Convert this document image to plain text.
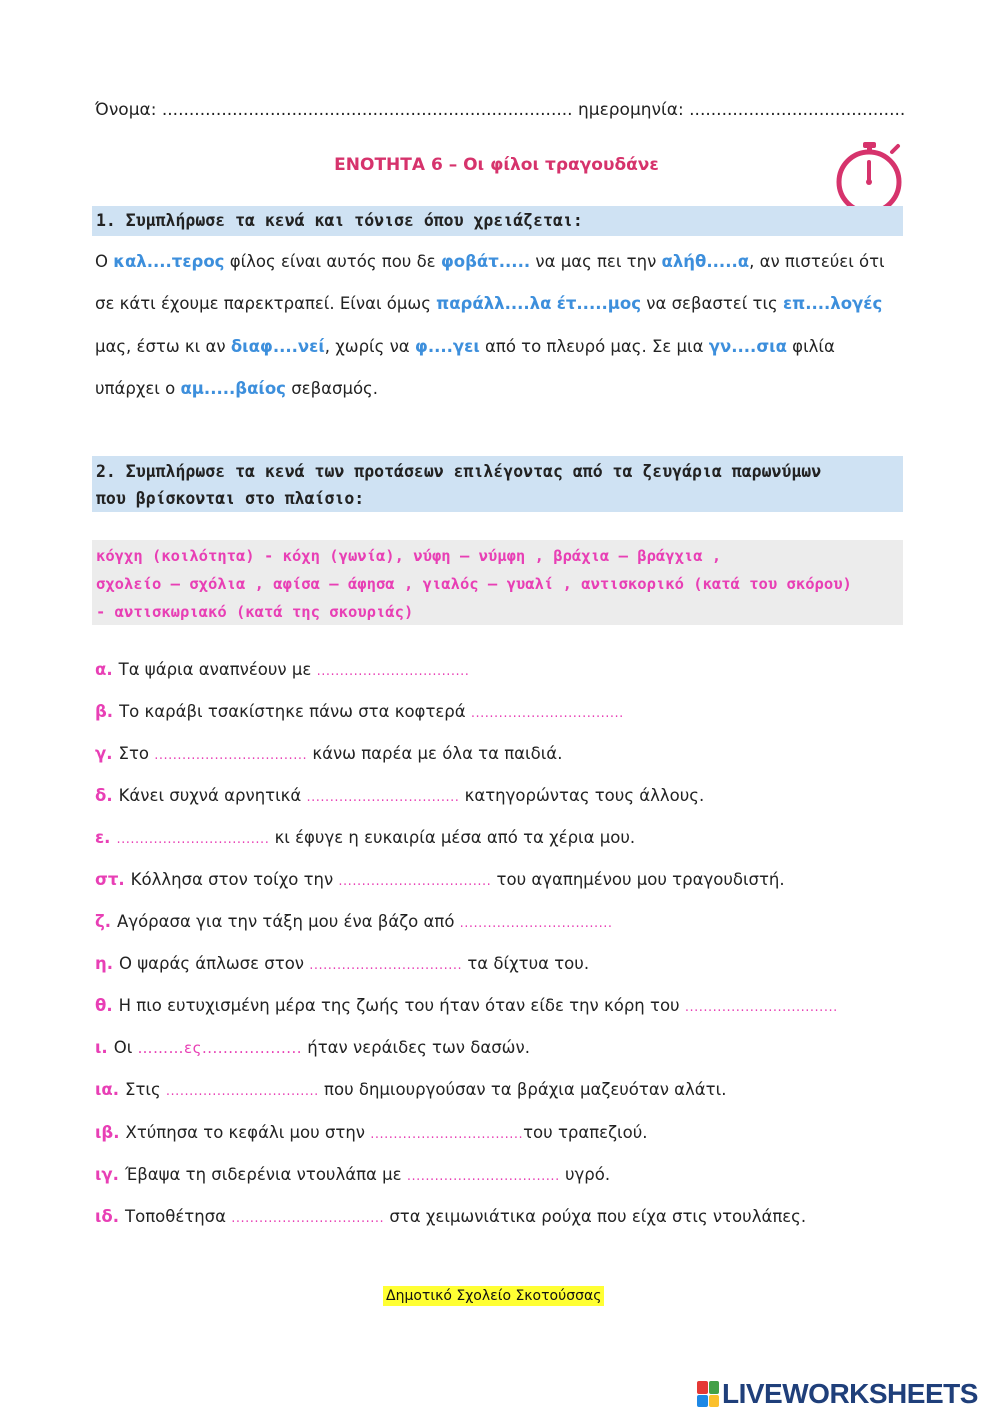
Όνομα: ............................................................................ ημερομηνία: ........................................
ΕΝΟΤΗΤΑ 6 – Οι φίλοι τραγουδάνε
1. Συμπλήρωσε τα κενά και τόνισε όπου χρειάζεται:
Ο καλ....τερος φίλος είναι αυτός που δε φοβάτ..... να μας πει την αλήθ.....α, αν πιστεύει ότι
σε κάτι έχουμε παρεκτραπεί. Είναι όμως παράλλ....λα έτ.....μος να σεβαστεί τις επ....λογές
μας, έστω κι αν διαφ....νεί, χωρίς να φ....γει από το πλευρό μας. Σε μια γν....σια φιλία
υπάρχει ο αμ.....βαίος σεβασμός.
2. Συμπλήρωσε τα κενά των προτάσεων επιλέγοντας από τα ζευγάρια παρωνύμων
που βρίσκονται στο πλαίσιο:
κόγχη (κοιλότητα) - κόχη (γωνία), νύφη – νύμφη , βράχια – βράγχια ,
σχολείο – σχόλια , αφίσα – άφησα , γιαλός – γυαλί , αντισκορικό (κατά του σκόρου)
- αντισκωριακό (κατά της σκουριάς)
α. Τα ψάρια αναπνέουν με .................................
β. Το καράβι τσακίστηκε πάνω στα κοφτερά .................................
γ. Στο ................................. κάνω παρέα με όλα τα παιδιά.
δ. Κάνει συχνά αρνητικά ................................. κατηγορώντας τους άλλους.
ε. ................................. κι έφυγε η ευκαιρία μέσα από τα χέρια μου.
στ. Κόλλησα στον τοίχο την ................................. του αγαπημένου μου τραγουδιστή.
ζ. Αγόρασα για την τάξη μου ένα βάζο από .................................
η. Ο ψαράς άπλωσε στον ................................. τα δίχτυα του.
θ. Η πιο ευτυχισμένη μέρα της ζωής του ήταν όταν είδε την κόρη του .................................
ι. Οι ………ες................... ήταν νεράιδες των δασών.
ια. Στις ................................. που δημιουργούσαν τα βράχια μαζευόταν αλάτι.
ιβ. Χτύπησα το κεφάλι μου στην .................................του τραπεζιού.
ιγ. Έβαψα τη σιδερένια ντουλάπα με ................................. υγρό.
ιδ. Τοποθέτησα ................................. στα χειμωνιάτικα ρούχα που είχα στις ντουλάπες.
Δημοτικό Σχολείο Σκοτούσσας
LIVEWORKSHEETS
